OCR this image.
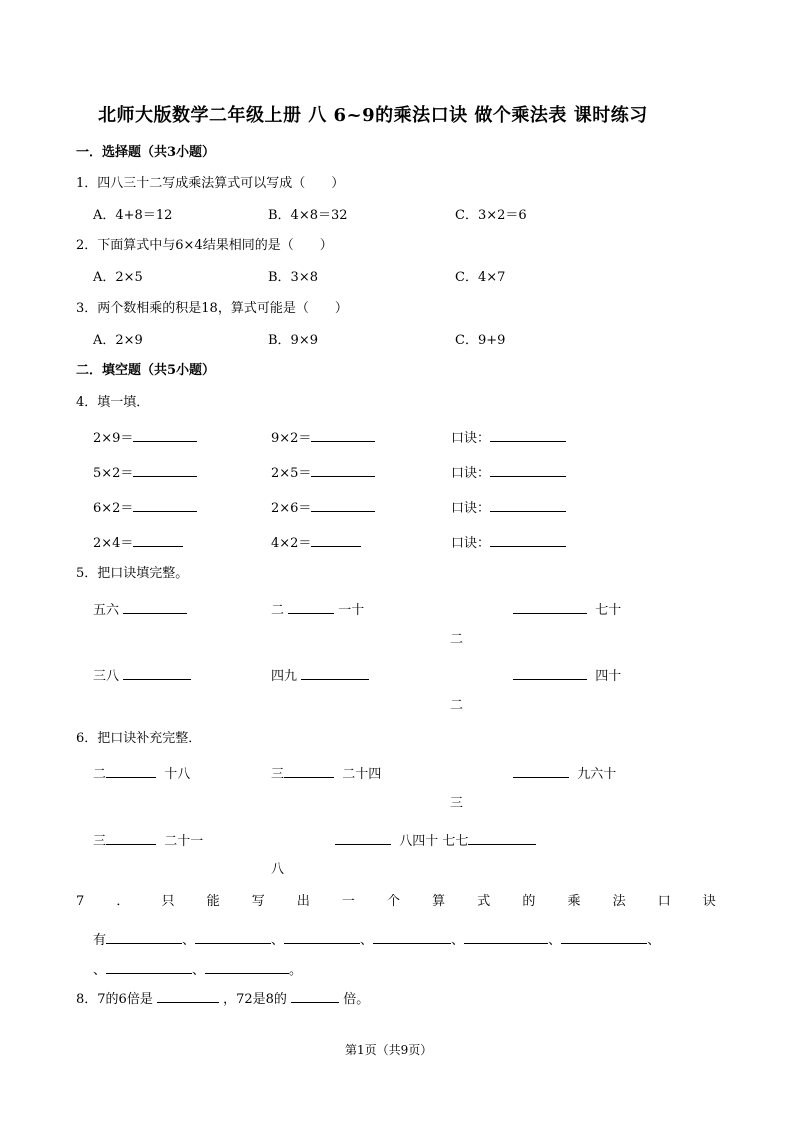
北师大版数学二年级上册 八 6~9的乘法口诀 做个乘法表 课时练习
一．选择题（共3小题）
1．四八三十二写成乘法算式可以写成（　　）
A．4+8＝12	B．4×8＝32	C．3×2＝6
2．下面算式中与6×4结果相同的是（　　）
A．2×5	B．3×8	C．4×7
3．两个数相乘的积是18，算式可能是（　　）
A．2×9	B．9×9	C．9+9
二．填空题（共5小题）
4．填一填．
2×9＝	9×2＝	口诀：
5×2＝	2×5＝	口诀：
6×2＝	2×6＝	口诀：
2×4＝	4×2＝	口诀：
5．把口诀填完整。
五六	二	一十	七十
二
三八	四九	四十
二
6．把口诀补充完整．
二	十八	三	二十四	九六十
三
三	二十一	八四十 七七
八
7 ． 只 能 写 出 一 个 算 式 的 乘 法 口 诀
有	、	、	、	、	、	、
、	、	。
8．7的6倍是	，72是8的	倍。
第1页（共9页）
